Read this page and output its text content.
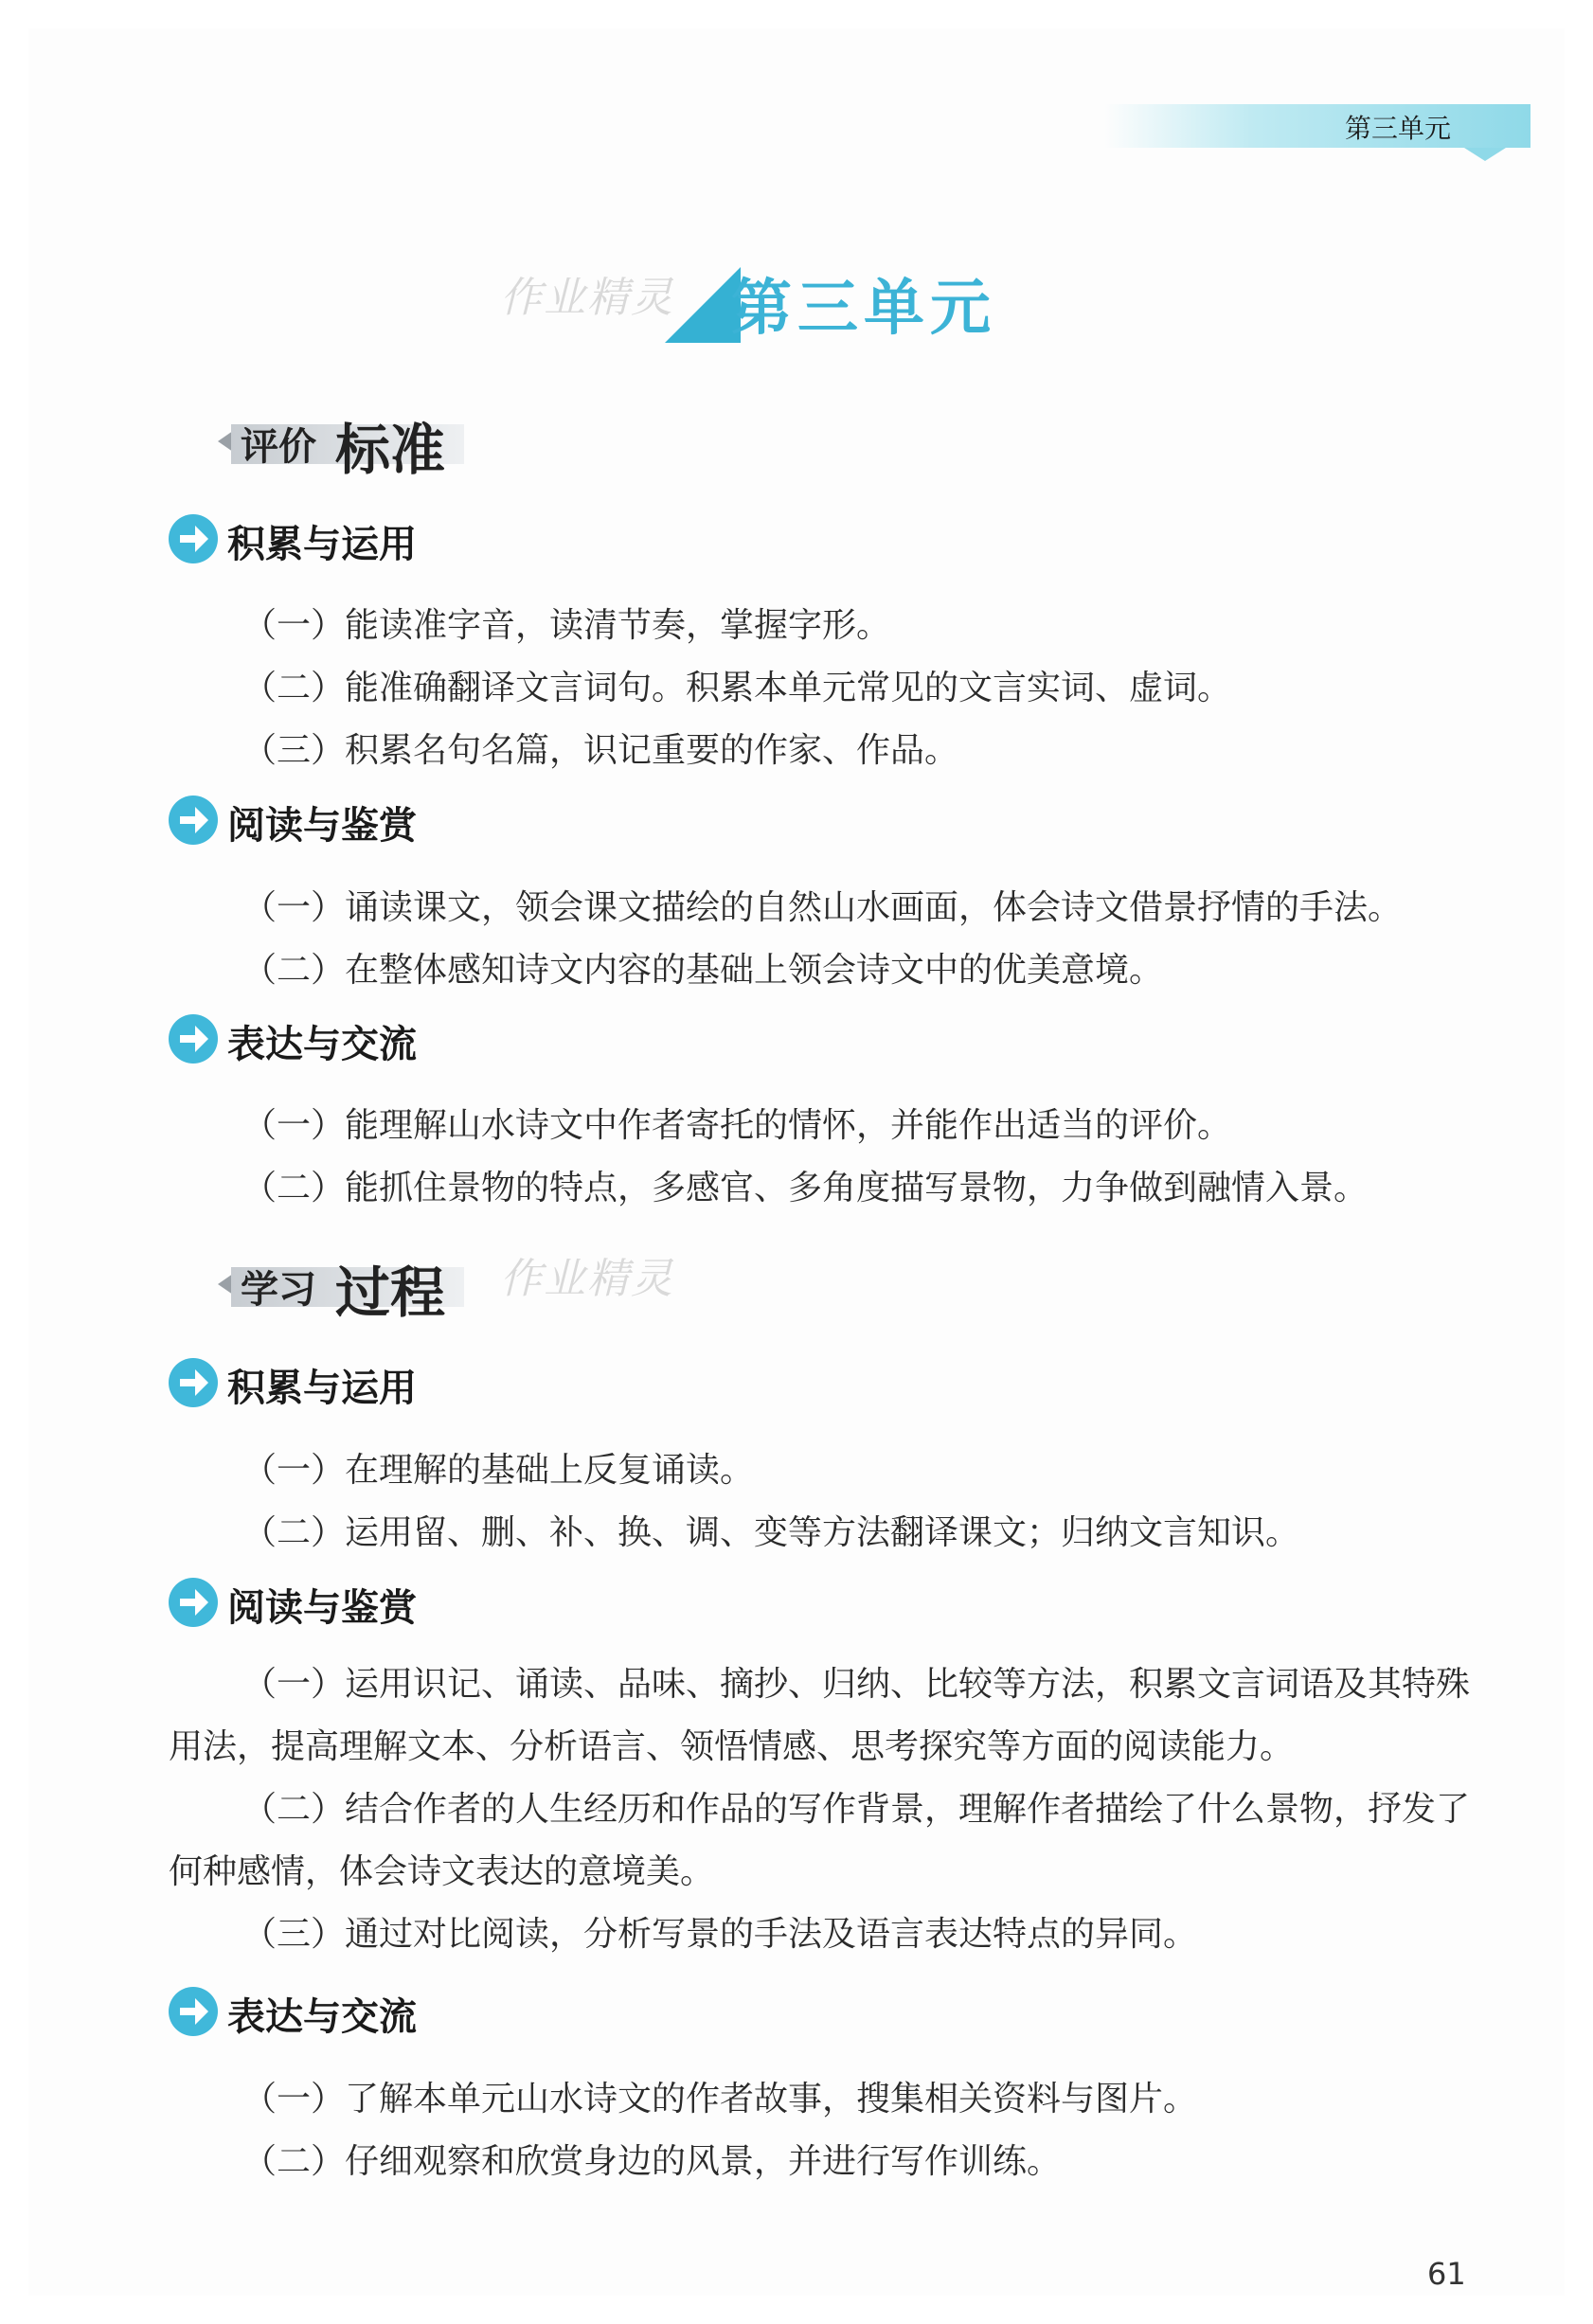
第三单元
第三单元
作业精灵
评价 标准
积累与运用
（一）能读准字音，读清节奏，掌握字形。
（二）能准确翻译文言词句。积累本单元常见的文言实词、虚词。
（三）积累名句名篇，识记重要的作家、作品。
阅读与鉴赏
（一）诵读课文，领会课文描绘的自然山水画面，体会诗文借景抒情的手法。
（二）在整体感知诗文内容的基础上领会诗文中的优美意境。
表达与交流
（一）能理解山水诗文中作者寄托的情怀，并能作出适当的评价。
（二）能抓住景物的特点，多感官、多角度描写景物，力争做到融情入景。
学习 过程 作业精灵
积累与运用
（一）在理解的基础上反复诵读。
（二）运用留、删、补、换、调、变等方法翻译课文；归纳文言知识。
阅读与鉴赏
（一）运用识记、诵读、品味、摘抄、归纳、比较等方法，积累文言词语及其特殊用法，提高理解文本、分析语言、领悟情感、思考探究等方面的阅读能力。
（二）结合作者的人生经历和作品的写作背景，理解作者描绘了什么景物，抒发了何种感情，体会诗文表达的意境美。
（三）通过对比阅读，分析写景的手法及语言表达特点的异同。
表达与交流
（一）了解本单元山水诗文的作者故事，搜集相关资料与图片。
（二）仔细观察和欣赏身边的风景，并进行写作训练。
61
